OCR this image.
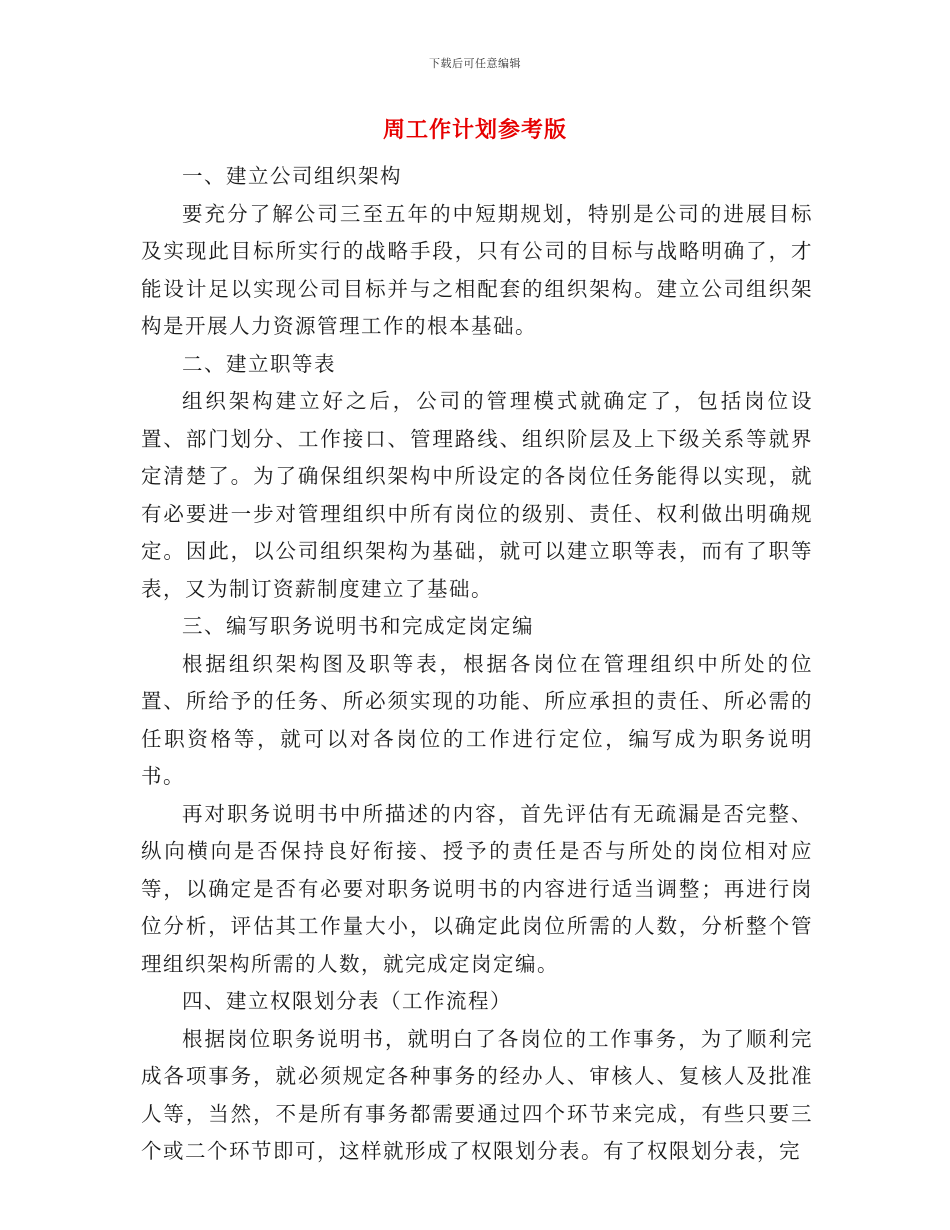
下载后可任意编辑
周工作计划参考版

一、建立公司组织架构

要充分了解公司三至五年的中短期规划，特别是公司的进展目标及实现此目标所实行的战略手段，只有公司的目标与战略明确了，才能设计足以实现公司目标并与之相配套的组织架构。建立公司组织架构是开展人力资源管理工作的根本基础。

二、建立职等表

组织架构建立好之后，公司的管理模式就确定了，包括岗位设置、部门划分、工作接口、管理路线、组织阶层及上下级关系等就界定清楚了。为了确保组织架构中所设定的各岗位任务能得以实现，就有必要进一步对管理组织中所有岗位的级别、责任、权利做出明确规定。因此，以公司组织架构为基础，就可以建立职等表，而有了职等表，又为制订资薪制度建立了基础。

三、编写职务说明书和完成定岗定编

根据组织架构图及职等表，根据各岗位在管理组织中所处的位置、所给予的任务、所必须实现的功能、所应承担的责任、所必需的任职资格等，就可以对各岗位的工作进行定位，编写成为职务说明书。

再对职务说明书中所描述的内容，首先评估有无疏漏是否完整、纵向横向是否保持良好衔接、授予的责任是否与所处的岗位相对应等，以确定是否有必要对职务说明书的内容进行适当调整；再进行岗位分析，评估其工作量大小，以确定此岗位所需的人数，分析整个管理组织架构所需的人数，就完成定岗定编。

四、建立权限划分表（工作流程）

根据岗位职务说明书，就明白了各岗位的工作事务，为了顺利完成各项事务，就必须规定各种事务的经办人、审核人、复核人及批准人等，当然，不是所有事务都需要通过四个环节来完成，有些只要三个或二个环节即可，这样就形成了权限划分表。有了权限划分表，完
